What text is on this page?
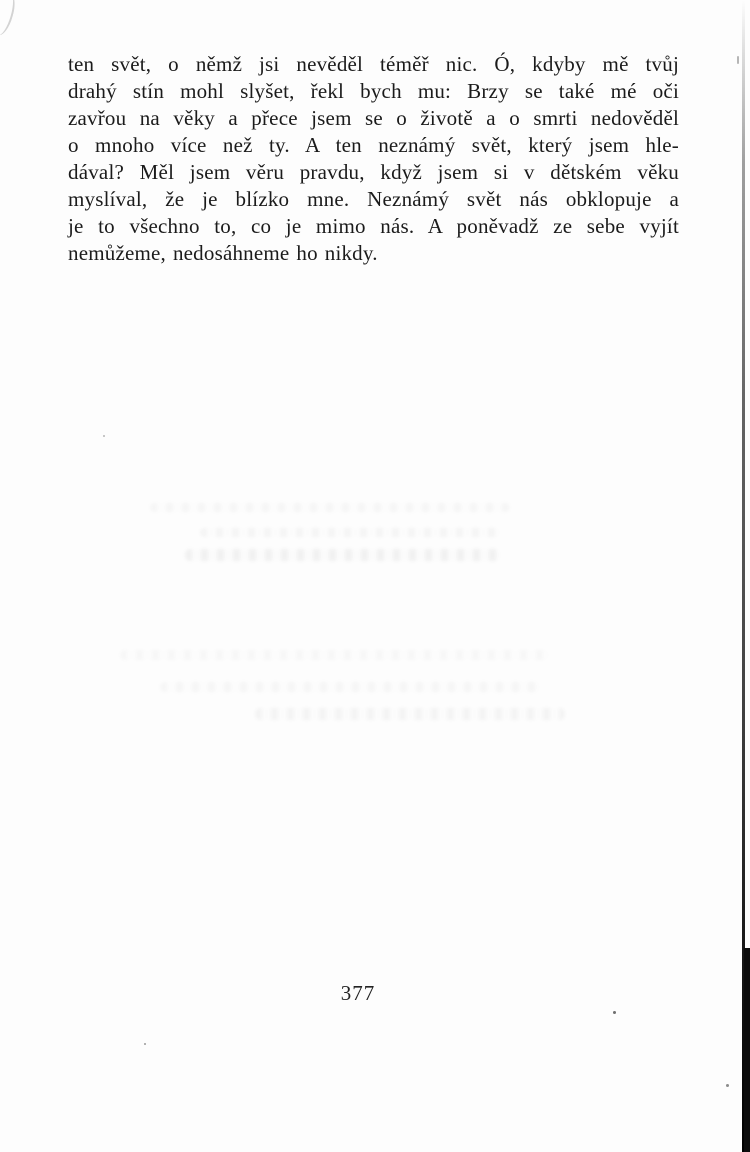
ten svět, o němž jsi nevěděl téměř nic. Ó, kdyby mě tvůj
drahý stín mohl slyšet, řekl bych mu: Brzy se také mé oči
zavřou na věky a přece jsem se o životě a o smrti nedověděl
o mnoho více než ty. A ten neznámý svět, který jsem hle-
dával? Měl jsem věru pravdu, když jsem si v dětském věku
myslíval, že je blízko mne. Neznámý svět nás obklopuje a
je to všechno to, co je mimo nás. A poněvadž ze sebe vyjít
nemůžeme, nedosáhneme ho nikdy.
377
